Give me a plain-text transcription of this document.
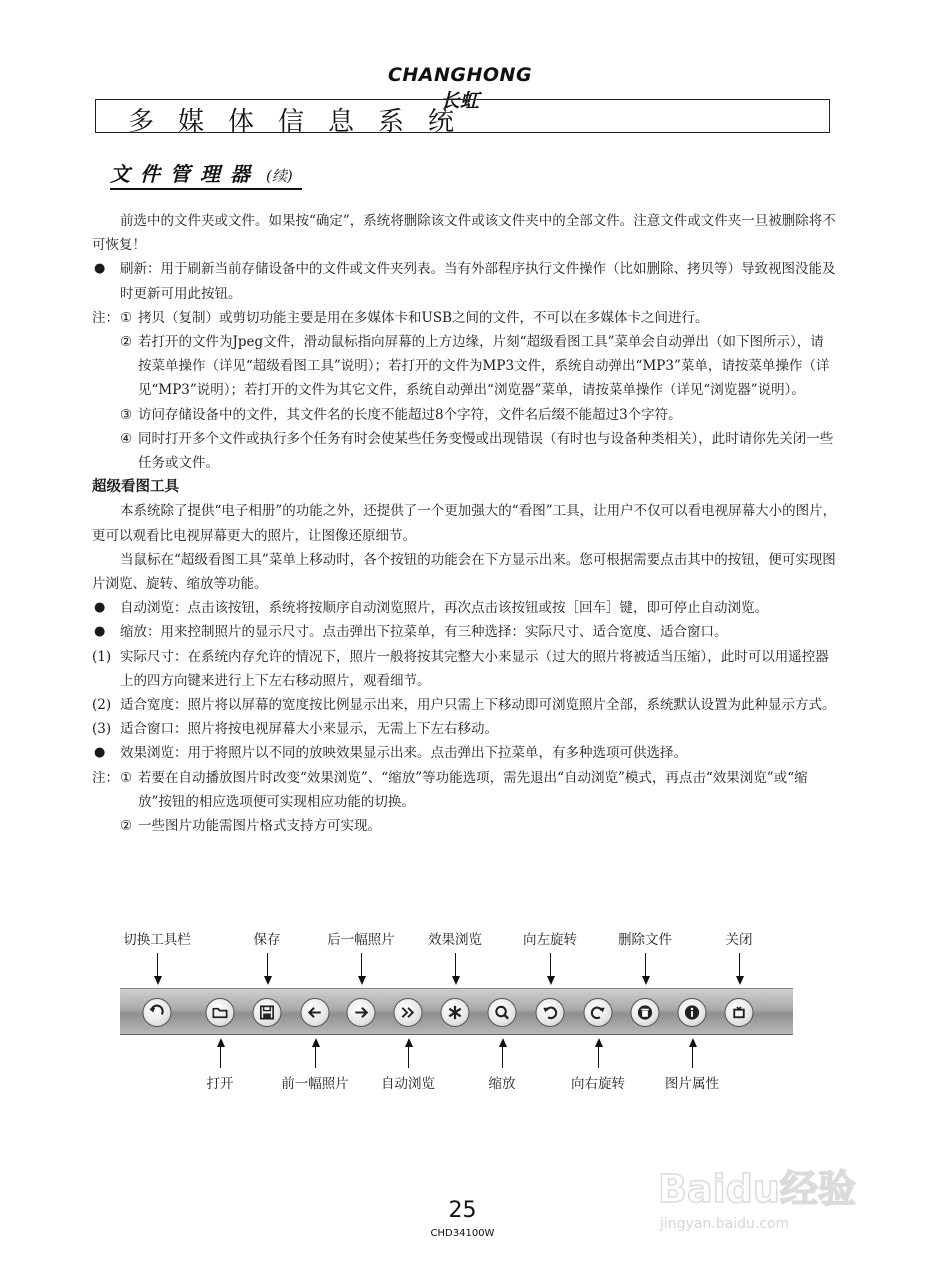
CHANGHONG长虹
多媒体信息系统
文件管理器 (续)

前选中的文件夹或文件。如果按“确定”，系统将删除该文件或该文件夹中的全部文件。注意文件或文件夹一旦被删除将不可恢复！

● 刷新：用于刷新当前存储设备中的文件或文件夹列表。当有外部程序执行文件操作（比如删除、拷贝等）导致视图没能及时更新可用此按钮。

注： ① 拷贝（复制）或剪切功能主要是用在多媒体卡和USB之间的文件，不可以在多媒体卡之间进行。

② 若打开的文件为Jpeg文件，滑动鼠标指向屏幕的上方边缘，片刻“超级看图工具”菜单会自动弹出（如下图所示），请按菜单操作（详见“超级看图工具”说明）；若打开的文件为MP3文件，系统自动弹出“MP3”菜单，请按菜单操作（详见“MP3”说明）；若打开的文件为其它文件，系统自动弹出“浏览器”菜单，请按菜单操作（详见“浏览器”说明）。

③ 访问存储设备中的文件，其文件名的长度不能超过8个字符，文件名后缀不能超过3个字符。

④ 同时打开多个文件或执行多个任务有时会使某些任务变慢或出现错误（有时也与设备种类相关），此时请你先关闭一些任务或文件。

超级看图工具

本系统除了提供“电子相册”的功能之外，还提供了一个更加强大的“看图”工具，让用户不仅可以看电视屏幕大小的图片，更可以观看比电视屏幕更大的照片，让图像还原细节。

当鼠标在“超级看图工具”菜单上移动时，各个按钮的功能会在下方显示出来。您可根据需要点击其中的按钮，便可实现图片浏览、旋转、缩放等功能。

● 自动浏览：点击该按钮，系统将按顺序自动浏览照片，再次点击该按钮或按［回车］键，即可停止自动浏览。

● 缩放：用来控制照片的显示尺寸。点击弹出下拉菜单，有三种选择：实际尺寸、适合宽度、适合窗口。

(1) 实际尺寸：在系统内存允许的情况下，照片一般将按其完整大小来显示（过大的照片将被适当压缩），此时可以用遥控器上的四方向键来进行上下左右移动照片，观看细节。

(2) 适合宽度：照片将以屏幕的宽度按比例显示出来，用户只需上下移动即可浏览照片全部，系统默认设置为此种显示方式。

(3) 适合窗口：照片将按电视屏幕大小来显示，无需上下左右移动。

● 效果浏览：用于将照片以不同的放映效果显示出来。点击弹出下拉菜单，有多种选项可供选择。

注： ① 若要在自动播放图片时改变“效果浏览”、“缩放”等功能选项，需先退出“自动浏览”模式，再点击“效果浏览”或“缩放”按钮的相应选项便可实现相应功能的切换。

② 一些图片功能需图片格式支持方可实现。

切换工具栏	保存	后一幅照片 效果浏览	向左旋转	删除文件	关闭
打开	前一幅照片 自动浏览	缩放	向右旋转	图片属性
25
CHD34100W
Baidu经验
jingyan.baidu.com
